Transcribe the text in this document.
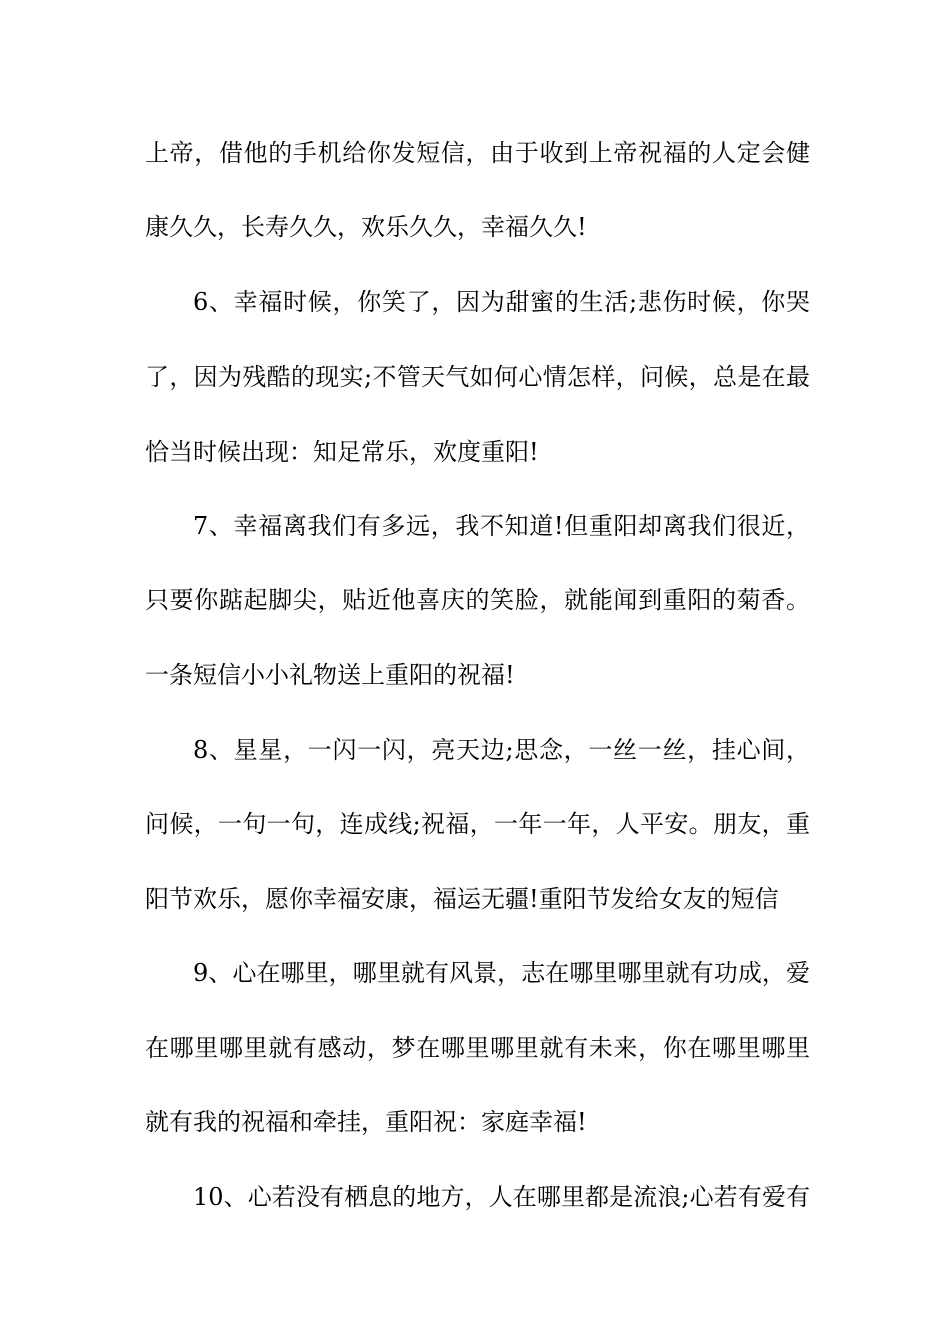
上帝，借他的手机给你发短信，由于收到上帝祝福的人定会健
康久久，长寿久久，欢乐久久，幸福久久!
6、幸福时候，你笑了，因为甜蜜的生活;悲伤时候，你哭
了，因为残酷的现实;不管天气如何心情怎样，问候，总是在最
恰当时候出现：知足常乐，欢度重阳!
7、幸福离我们有多远，我不知道!但重阳却离我们很近，
只要你踮起脚尖，贴近他喜庆的笑脸，就能闻到重阳的菊香。
一条短信小小礼物送上重阳的祝福!
8、星星，一闪一闪，亮天边;思念，一丝一丝，挂心间，
问候，一句一句，连成线;祝福，一年一年，人平安。朋友，重
阳节欢乐，愿你幸福安康，福运无疆!重阳节发给女友的短信
9、心在哪里，哪里就有风景，志在哪里哪里就有功成，爱
在哪里哪里就有感动，梦在哪里哪里就有未来，你在哪里哪里
就有我的祝福和牵挂，重阳祝：家庭幸福!
10、心若没有栖息的地方，人在哪里都是流浪;心若有爱有
